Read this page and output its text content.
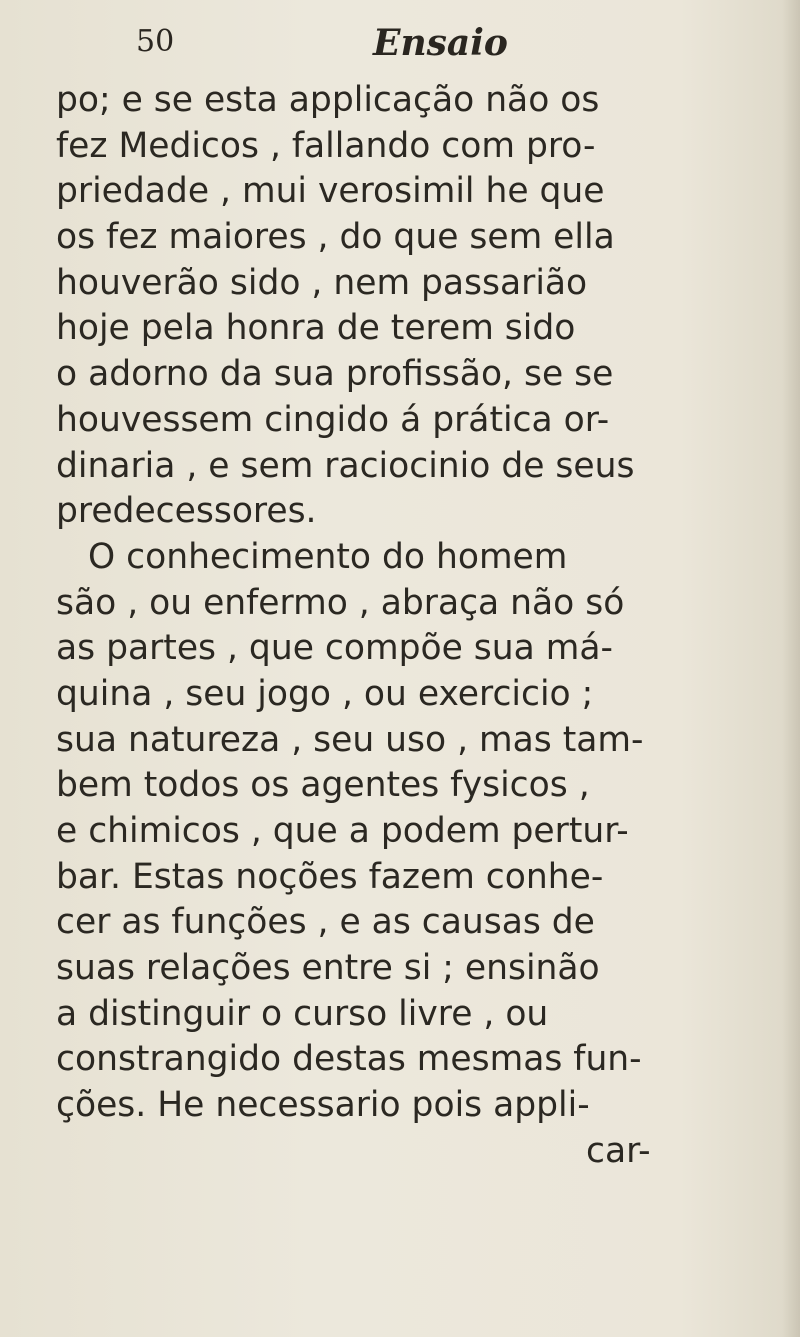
50	Ensaio
po; e se esta applicação não os
fez Medicos , fallando com pro-
priedade , mui verosimil he que
os fez maiores , do que sem ella
houverão sido , nem passarião
hoje pela honra de terem sido
o adorno da sua profissão, se se
houvessem cingido á prática or-
dinaria , e sem raciocinio de seus
predecessores.
O conhecimento do homem
são , ou enfermo , abraça não só
as partes , que compõe sua má-
quina , seu jogo , ou exercicio ;
sua natureza , seu uso , mas tam-
bem todos os agentes fysicos ,
e chimicos , que a podem pertur-
bar. Estas noções fazem conhe-
cer as funções , e as causas de
suas relações entre si ; ensinão
a distinguir o curso livre , ou
constrangido destas mesmas fun-
ções. He necessario pois appli-
car-
